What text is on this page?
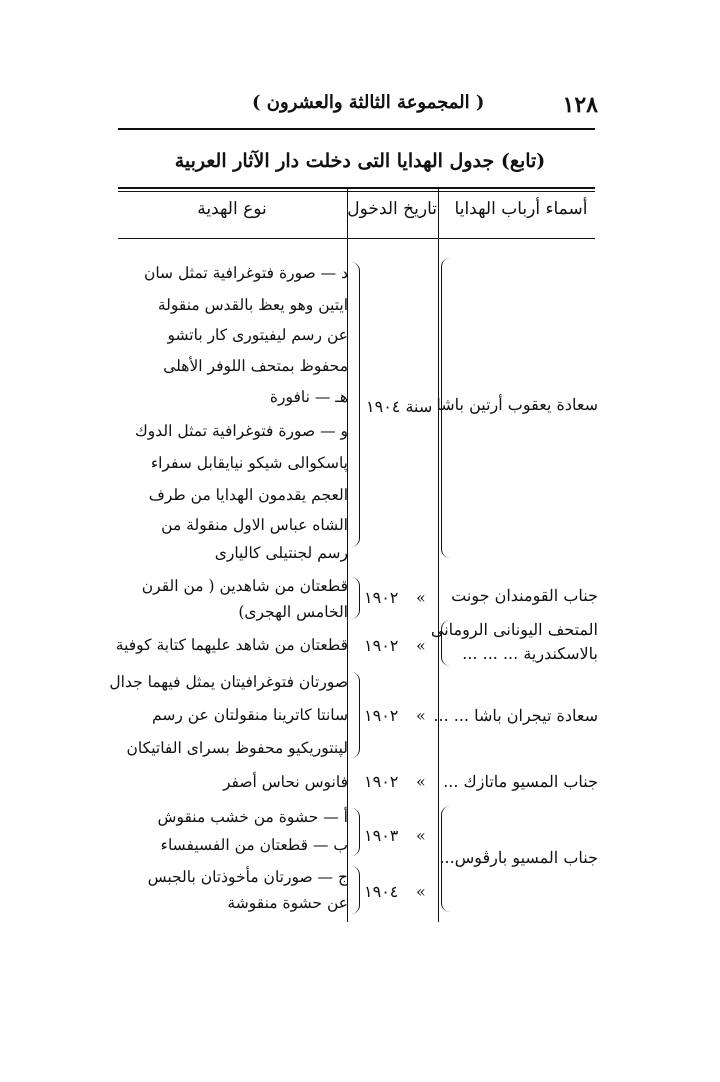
١٢٨
( المجموعة الثالثة والعشرون )
(تابع) جدول الهدايا التى دخلت دار الآثار العربية
أسماء أرباب الهدايا
تاريخ الدخول
نوع الهدية
سعادة يعقوب أرتين باشا
سنة ١٩٠٤
د — صورة فتوغرافية تمثل سان
ايتين وهو يعظ بالقدس منقولة
عن رسم ليفيتورى كار باتشو
محفوظ بمتحف اللوفر الأهلى
هـ — نافورة
و — صورة فتوغرافية تمثل الدوك
پاسكوالى شيكو نيايقابل سفراء
العجم يقدمون الهدايا من طرف
الشاه عباس الاول منقولة من
رسم لجنتيلى كاليارى
جناب القومندان جونت
«
١٩٠٢
قطعتان من شاهدين ( من القرن
الخامس الهجرى)
المتحف اليونانى الرومانى
بالاسكندرية ... ... ...
«
١٩٠٢
قطعتان من شاهد عليهما كتابة كوفية
سعادة تيجران باشا ... ...
«
١٩٠٢
صورتان فتوغرافيتان يمثل فيهما جدال
سانتا كاترينا منقولتان عن رسم
لپنتوريكيو محفوظ بسراى الفاتيكان
جناب المسيو ماتازك ...
«
١٩٠٢
فانوس نحاس أصفر
جناب المسيو بارڤوس...
«
١٩٠٣
«
١٩٠٤
أ — حشوة من خشب منقوش
ب — قطعتان من الفسيفساء
ج — صورتان مأخوذتان بالجبس
عن حشوة منقوشة
